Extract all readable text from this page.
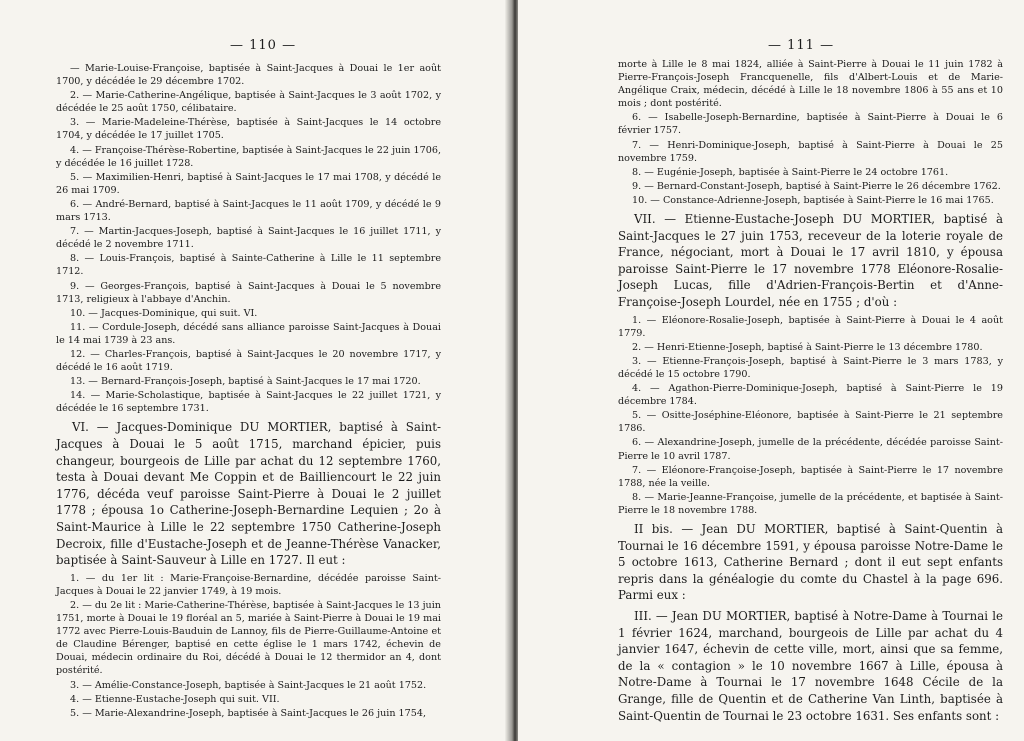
— 110 —

— Marie-Louise-Françoise, baptisée à Saint-Jacques à Douai le 1er août 1700, y décédée le 29 décembre 1702.

2. — Marie-Catherine-Angélique, baptisée à Saint-Jacques le 3 août 1702, y décédée le 25 août 1750, célibataire.

3. — Marie-Madeleine-Thérèse, baptisée à Saint-Jacques le 14 octobre 1704, y décédée le 17 juillet 1705.

4. — Françoise-Thérèse-Robertine, baptisée à Saint-Jacques le 22 juin 1706, y décédée le 16 juillet 1728.

5. — Maximilien-Henri, baptisé à Saint-Jacques le 17 mai 1708, y décédé le 26 mai 1709.

6. — André-Bernard, baptisé à Saint-Jacques le 11 août 1709, y décédé le 9 mars 1713.

7. — Martin-Jacques-Joseph, baptisé à Saint-Jacques le 16 juillet 1711, y décédé le 2 novembre 1711.

8. — Louis-François, baptisé à Sainte-Catherine à Lille le 11 septembre 1712.

9. — Georges-François, baptisé à Saint-Jacques à Douai le 5 novembre 1713, religieux à l'abbaye d'Anchin.

10. — Jacques-Dominique, qui suit. VI.

11. — Cordule-Joseph, décédé sans alliance paroisse Saint-Jacques à Douai le 14 mai 1739 à 23 ans.

12. — Charles-François, baptisé à Saint-Jacques le 20 novembre 1717, y décédé le 16 août 1719.

13. — Bernard-François-Joseph, baptisé à Saint-Jacques le 17 mai 1720.

14. — Marie-Scholastique, baptisée à Saint-Jacques le 22 juillet 1721, y décédée le 16 septembre 1731.

VI. — Jacques-Dominique DU MORTIER, baptisé à Saint-Jacques à Douai le 5 août 1715, marchand épicier, puis changeur, bourgeois de Lille par achat du 12 septembre 1760, testa à Douai devant Me Coppin et de Bailliencourt le 22 juin 1776, décéda veuf paroisse Saint-Pierre à Douai le 2 juillet 1778 ; épousa 1o Catherine-Joseph-Bernardine Lequien ; 2o à Saint-Maurice à Lille le 22 septembre 1750 Catherine-Joseph Decroix, fille d'Eustache-Joseph et de Jeanne-Thérèse Vanacker, baptisée à Saint-Sauveur à Lille en 1727. Il eut :

1. — du 1er lit : Marie-Françoise-Bernardine, décédée paroisse Saint-Jacques à Douai le 22 janvier 1749, à 19 mois.

2. — du 2e lit : Marie-Catherine-Thérèse, baptisée à Saint-Jacques le 13 juin 1751, morte à Douai le 19 floréal an 5, mariée à Saint-Pierre à Douai le 19 mai 1772 avec Pierre-Louis-Bauduin de Lannoy, fils de Pierre-Guillaume-Antoine et de Claudine Bérenger, baptisé en cette église le 1 mars 1742, échevin de Douai, médecin ordinaire du Roi, décédé à Douai le 12 thermidor an 4, dont postérité.

3. — Amélie-Constance-Joseph, baptisée à Saint-Jacques le 21 août 1752.

4. — Etienne-Eustache-Joseph qui suit. VII.

5. — Marie-Alexandrine-Joseph, baptisée à Saint-Jacques le 26 juin 1754,

— 111 —

morte à Lille le 8 mai 1824, alliée à Saint-Pierre à Douai le 11 juin 1782 à Pierre-François-Joseph Francquenelle, fils d'Albert-Louis et de Marie-Angélique Craix, médecin, décédé à Lille le 18 novembre 1806 à 55 ans et 10 mois ; dont postérité.

6. — Isabelle-Joseph-Bernardine, baptisée à Saint-Pierre à Douai le 6 février 1757.

7. — Henri-Dominique-Joseph, baptisé à Saint-Pierre à Douai le 25 novembre 1759.

8. — Eugénie-Joseph, baptisée à Saint-Pierre le 24 octobre 1761.

9. — Bernard-Constant-Joseph, baptisé à Saint-Pierre le 26 décembre 1762.

10. — Constance-Adrienne-Joseph, baptisée à Saint-Pierre le 16 mai 1765.

VII. — Etienne-Eustache-Joseph DU MORTIER, baptisé à Saint-Jacques le 27 juin 1753, receveur de la loterie royale de France, négociant, mort à Douai le 17 avril 1810, y épousa paroisse Saint-Pierre le 17 novembre 1778 Eléonore-Rosalie-Joseph Lucas, fille d'Adrien-François-Bertin et d'Anne-Françoise-Joseph Lourdel, née en 1755 ; d'où :

1. — Eléonore-Rosalie-Joseph, baptisée à Saint-Pierre à Douai le 4 août 1779.

2. — Henri-Etienne-Joseph, baptisé à Saint-Pierre le 13 décembre 1780.

3. — Etienne-François-Joseph, baptisé à Saint-Pierre le 3 mars 1783, y décédé le 15 octobre 1790.

4. — Agathon-Pierre-Dominique-Joseph, baptisé à Saint-Pierre le 19 décembre 1784.

5. — Ositte-Joséphine-Eléonore, baptisée à Saint-Pierre le 21 septembre 1786.

6. — Alexandrine-Joseph, jumelle de la précédente, décédée paroisse Saint-Pierre le 10 avril 1787.

7. — Eléonore-Françoise-Joseph, baptisée à Saint-Pierre le 17 novembre 1788, née la veille.

8. — Marie-Jeanne-Françoise, jumelle de la précédente, et baptisée à Saint-Pierre le 18 novembre 1788.

II bis. — Jean DU MORTIER, baptisé à Saint-Quentin à Tournai le 16 décembre 1591, y épousa paroisse Notre-Dame le 5 octobre 1613, Catherine Bernard ; dont il eut sept enfants repris dans la généalogie du comte du Chastel à la page 696. Parmi eux :

III. — Jean DU MORTIER, baptisé à Notre-Dame à Tournai le 1 février 1624, marchand, bourgeois de Lille par achat du 4 janvier 1647, échevin de cette ville, mort, ainsi que sa femme, de la « contagion » le 10 novembre 1667 à Lille, épousa à Notre-Dame à Tournai le 17 novembre 1648 Cécile de la Grange, fille de Quentin et de Catherine Van Linth, baptisée à Saint-Quentin de Tournai le 23 octobre 1631. Ses enfants sont :
